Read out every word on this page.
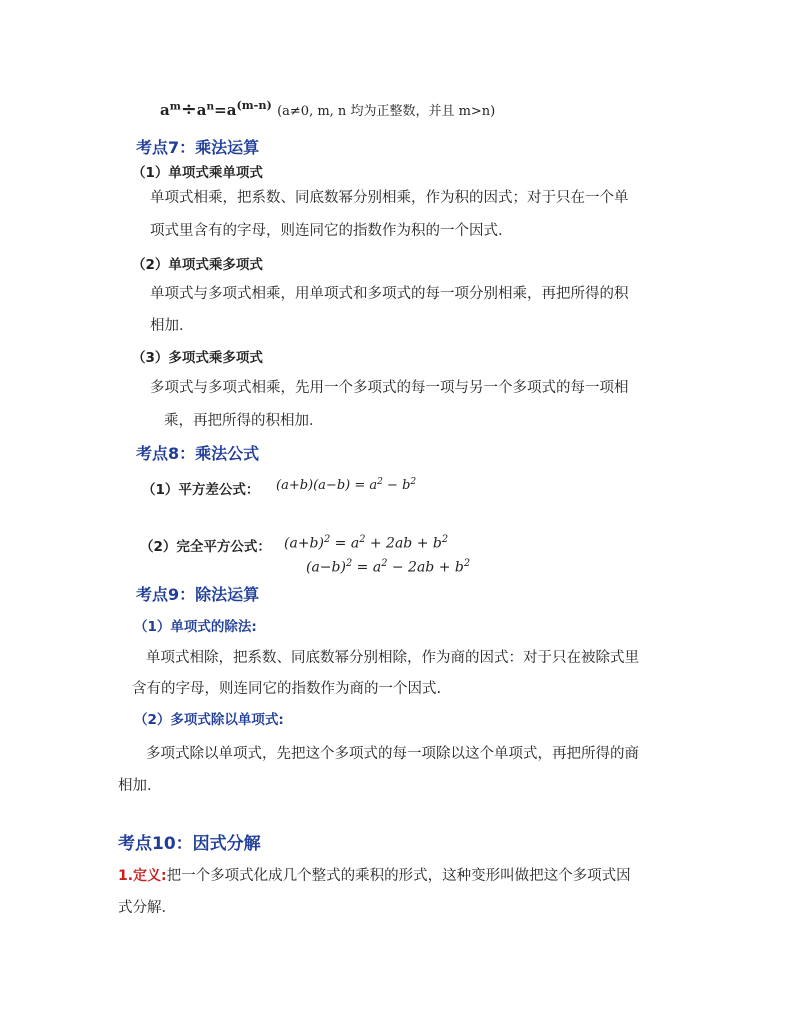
$a^m\div a^n=a^{(m-n)}$ (a≠0, m, n 均为正整数，并且 m>n)
考点7：乘法运算
（1）单项式乘单项式
单项式相乘，把系数、同底数幂分别相乘，作为积的因式；对于只在一个单
项式里含有的字母，则连同它的指数作为积的一个因式．
（2）单项式乘多项式
单项式与多项式相乘，用单项式和多项式的每一项分别相乘，再把所得的积
相加．
（3）多项式乘多项式
多项式与多项式相乘，先用一个多项式的每一项与另一个多项式的每一项相
乘，再把所得的积相加．
考点8：乘法公式
（1）平方差公式： $(a+b)(a-b) = a^2 - b^2$
（2）完全平方公式： $(a+b)^2 = a^2 + 2ab + b^2$
$(a-b)^2 = a^2 - 2ab + b^2$
考点9：除法运算
（1）单项式的除法:
单项式相除，把系数、同底数幂分别相除，作为商的因式：对于只在被除式里
含有的字母，则连同它的指数作为商的一个因式.
（2）多项式除以单项式:
多项式除以单项式，先把这个多项式的每一项除以这个单项式，再把所得的商
相加．
考点10：因式分解
1.定义:把一个多项式化成几个整式的乘积的形式，这种变形叫做把这个多项式因
式分解．
